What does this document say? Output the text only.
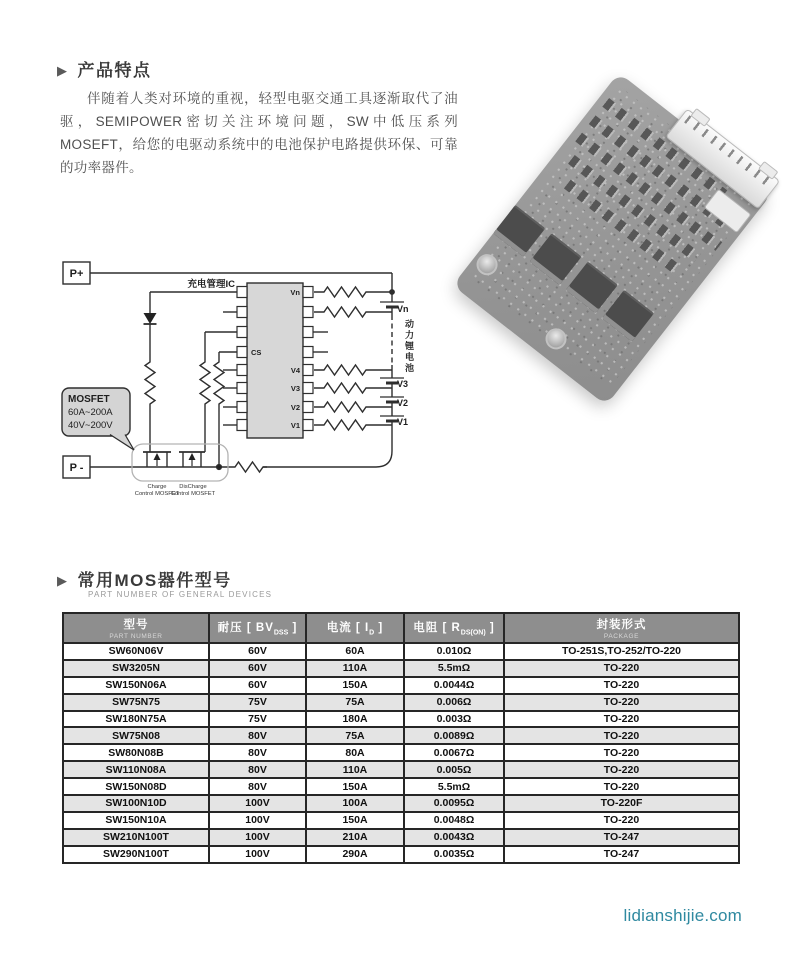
▶ 产品特点

伴随着人类对环境的重视，轻型电驱交通工具逐渐取代了油驱，SEMIPOWER密切关注环境问题，SW中低压系列MOSEFT，给您的电驱动系统中的电池保护电路提供环保、可靠的功率器件。

P+
P -
充电管理IC
CS
Vn
V4
V3
V2
V1
Vn
V3
V2
V1
MOSFET
60A~200A
40V~200V
Charge
Control MOSFET
DisCharge
Control MOSFET
动力锂电池
▶ 常用MOS器件型号
PART NUMBER OF GENERAL DEVICES
型号
PART NUMBER
	耐压 [ $BV_{DSS}$ ]	电流 [ $I_D$ ]	电阻 [ $R_{DS(ON)}$ ]	封装形式
PACKAGE

SW60N06V	60V	60A	0.010Ω	TO-251S,TO-252/TO-220
SW3205N	60V	110A	5.5mΩ	TO-220
SW150N06A	60V	150A	0.0044Ω	TO-220
SW75N75	75V	75A	0.006Ω	TO-220
SW180N75A	75V	180A	0.003Ω	TO-220
SW75N08	80V	75A	0.0089Ω	TO-220
SW80N08B	80V	80A	0.0067Ω	TO-220
SW110N08A	80V	110A	0.005Ω	TO-220
SW150N08D	80V	150A	5.5mΩ	TO-220
SW100N10D	100V	100A	0.0095Ω	TO-220F
SW150N10A	100V	150A	0.0048Ω	TO-220
SW210N100T	100V	210A	0.0043Ω	TO-247
SW290N100T	100V	290A	0.0035Ω	TO-247
lidianshijie.com
